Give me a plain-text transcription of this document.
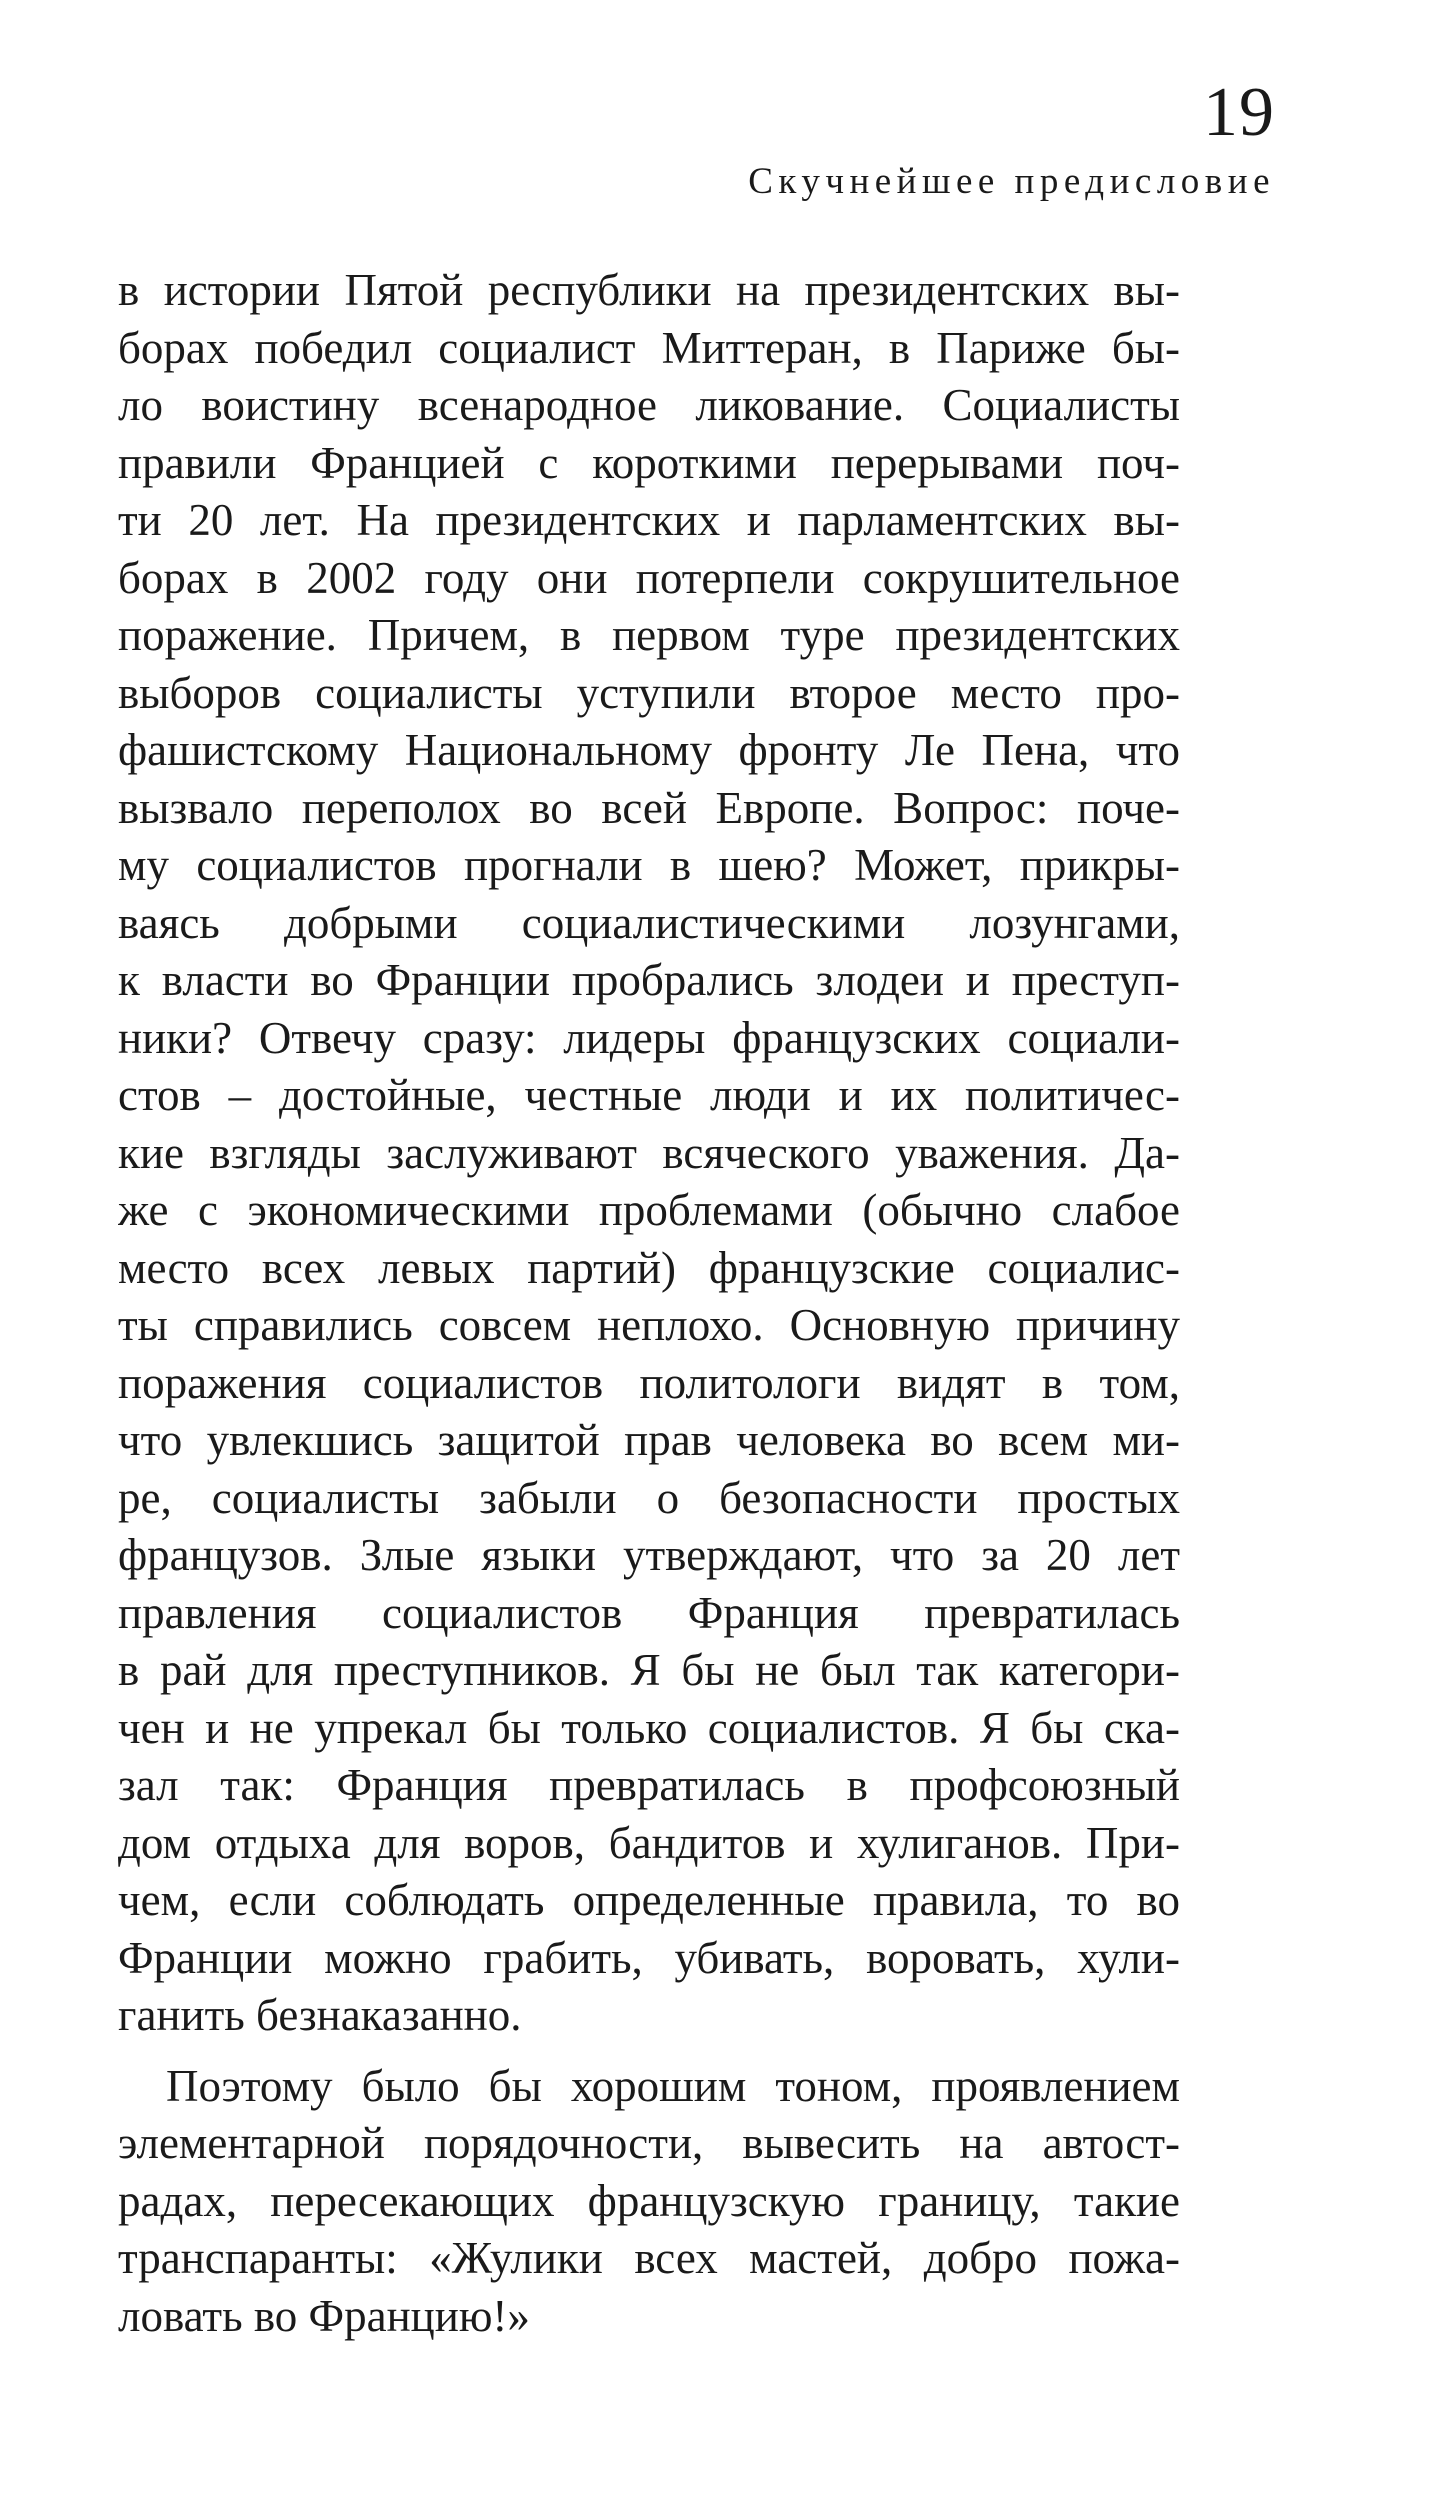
19
Скучнейшее предисловие
в истории Пятой республики на президентских вы-
борах победил социалист Миттеран, в Париже бы-
ло воистину всенародное ликование. Социалисты
правили Францией с короткими перерывами поч-
ти 20 лет. На президентских и парламентских вы-
борах в 2002 году они потерпели сокрушительное
поражение. Причем, в первом туре президентских
выборов социалисты уступили второе место про-
фашистскому Национальному фронту Ле Пена, что
вызвало переполох во всей Европе. Вопрос: поче-
му социалистов прогнали в шею? Может, прикры-
ваясь добрыми социалистическими лозунгами,
к власти во Франции пробрались злодеи и преступ-
ники? Отвечу сразу: лидеры французских социали-
стов – достойные, честные люди и их политичес-
кие взгляды заслуживают всяческого уважения. Да-
же с экономическими проблемами (обычно слабое
место всех левых партий) французские социалис-
ты справились совсем неплохо. Основную причину
поражения социалистов политологи видят в том,
что увлекшись защитой прав человека во всем ми-
ре, социалисты забыли о безопасности простых
французов. Злые языки утверждают, что за 20 лет
правления социалистов Франция превратилась
в рай для преступников. Я бы не был так категори-
чен и не упрекал бы только социалистов. Я бы ска-
зал так: Франция превратилась в профсоюзный
дом отдыха для воров, бандитов и хулиганов. При-
чем, если соблюдать определенные правила, то во
Франции можно грабить, убивать, воровать, хули-
ганить безнаказанно.
Поэтому было бы хорошим тоном, проявлением
элементарной порядочности, вывесить на автост-
радах, пересекающих французскую границу, такие
транспаранты: «Жулики всех мастей, добро пожа-
ловать во Францию!»
